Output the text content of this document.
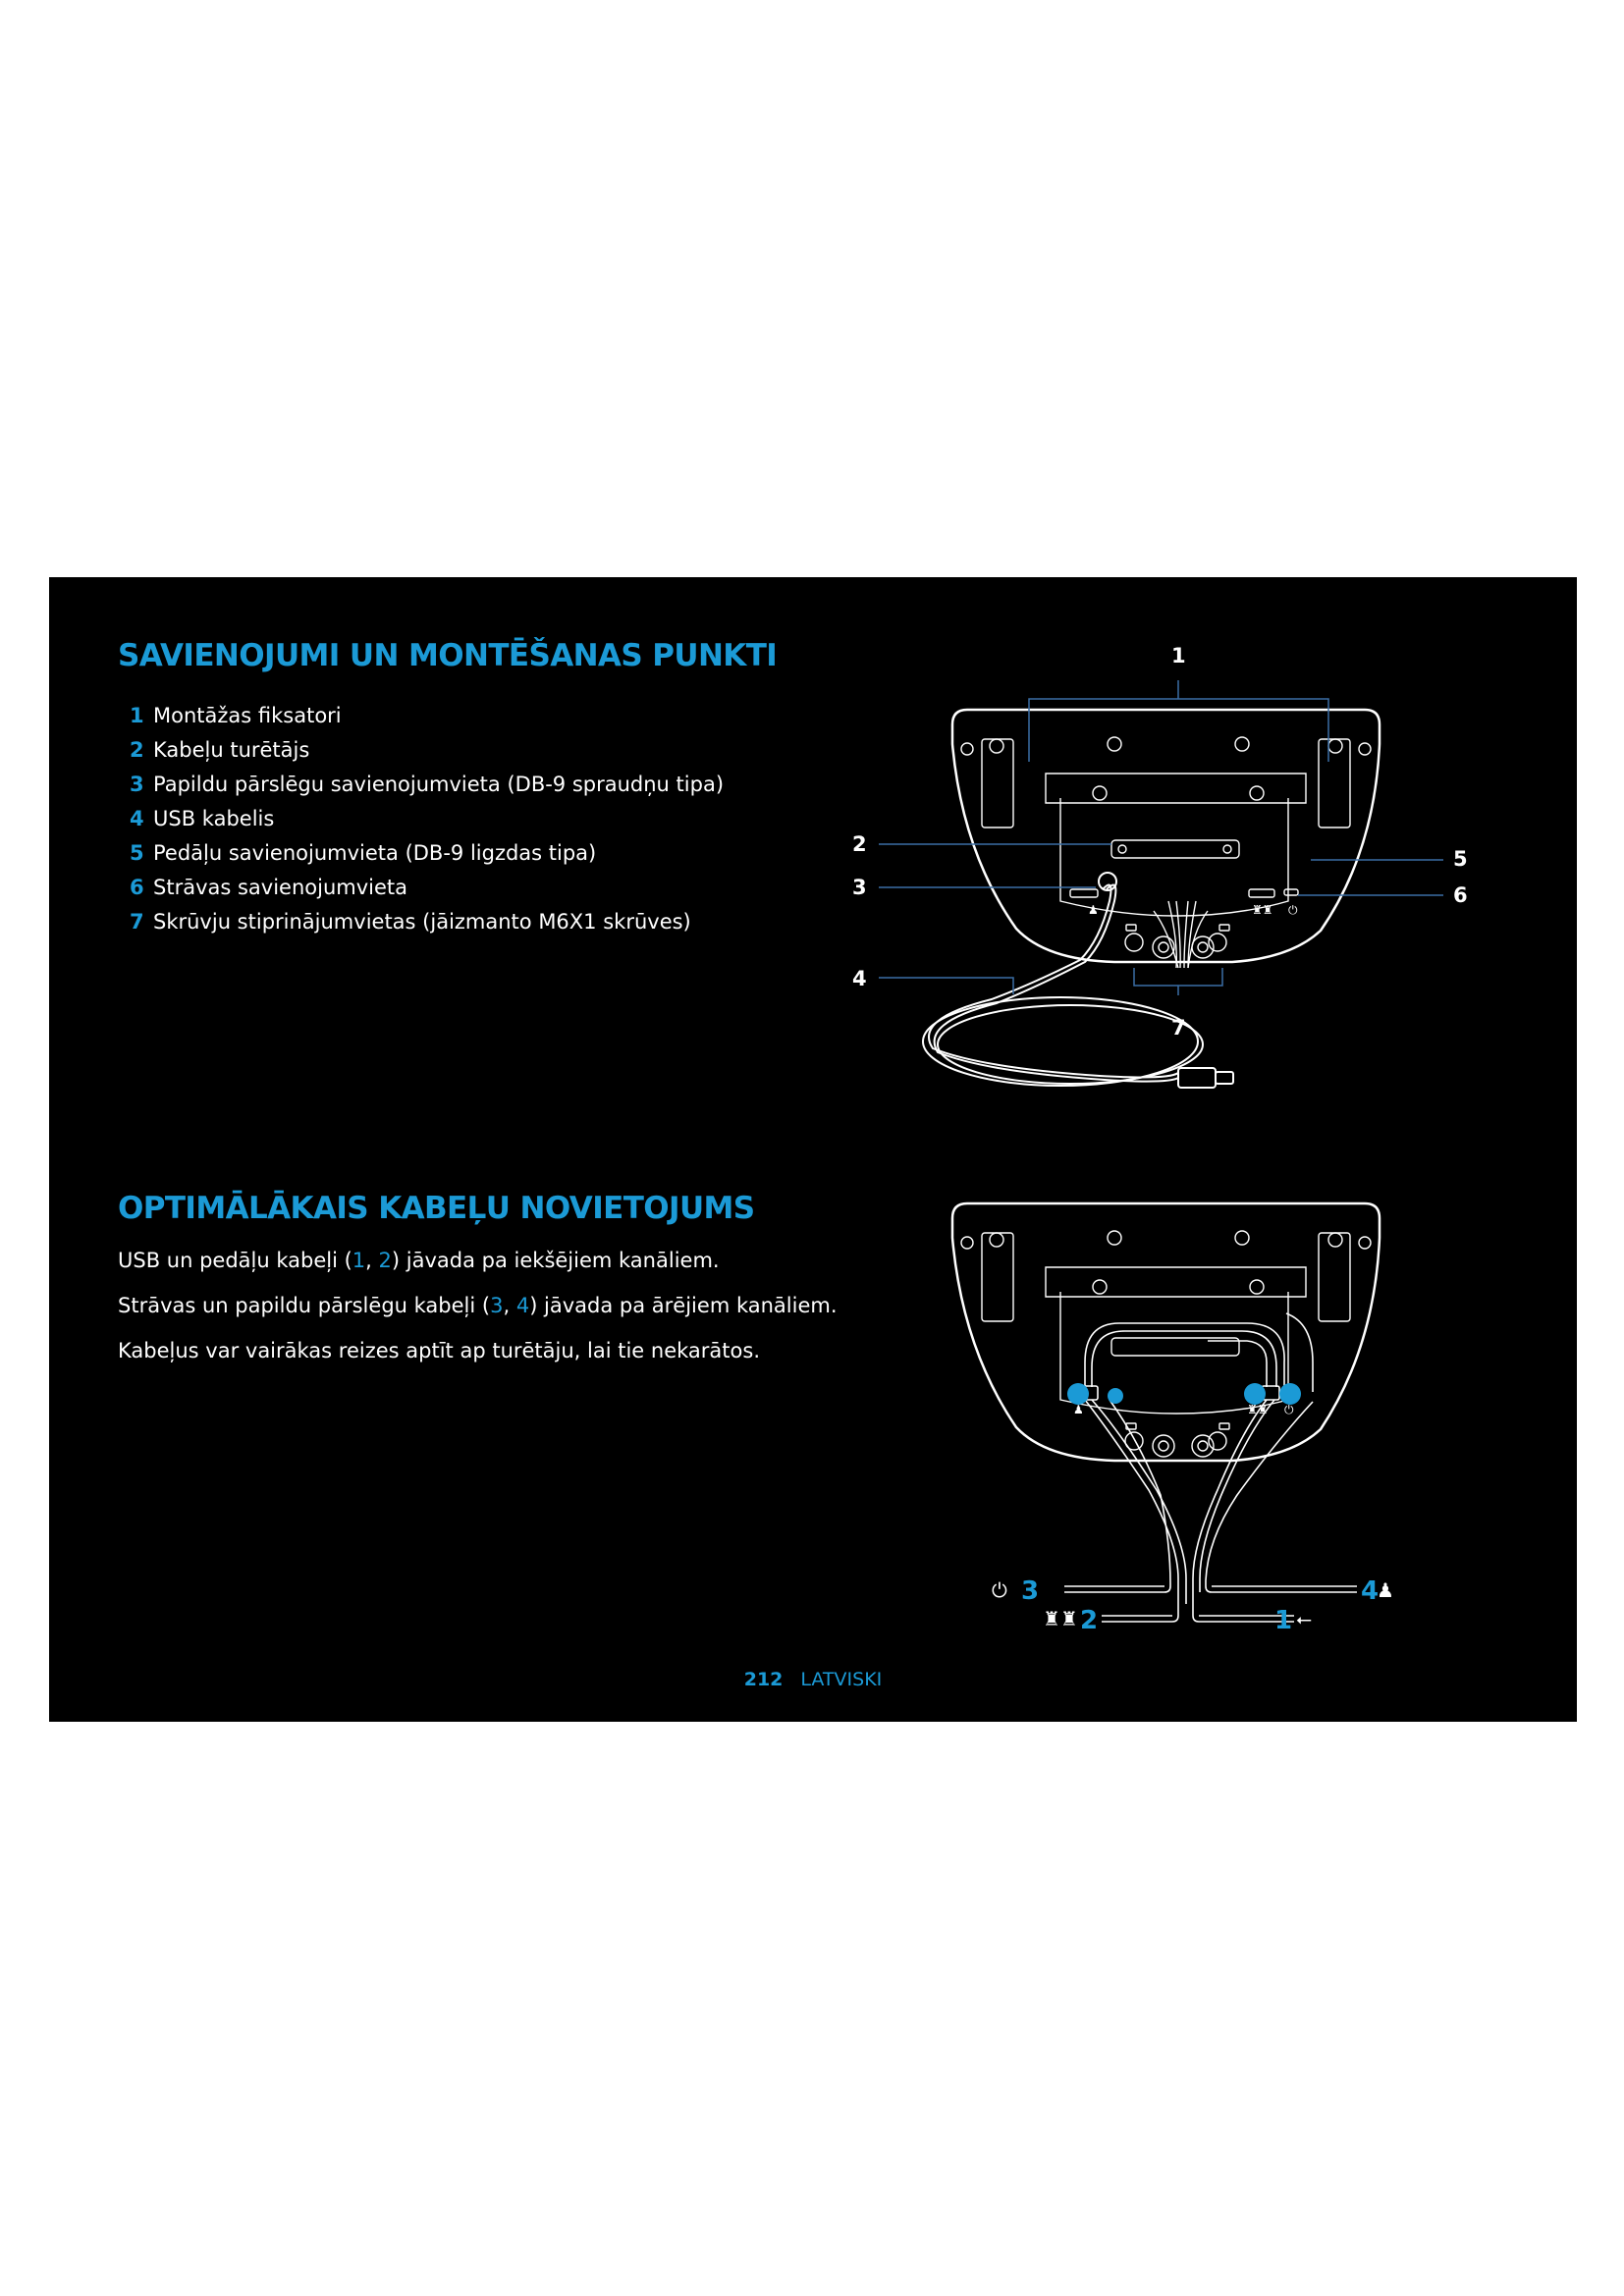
SAVIENOJUMI UN MONTĒŠANAS PUNKTI
1 Montāžas fiksatori
2 Kabeļu turētājs
3 Papildu pārslēgu savienojumvieta (DB-9 spraudņu tipa)
4 USB kabelis
5 Pedāļu savienojumvieta (DB-9 ligzdas tipa)
6 Strāvas savienojumvieta
7 Skrūvju stiprinājumvietas (jāizmanto M6X1 skrūves)	♟	♜♜ ⏻
1
2
3
4
5
6
7
OPTIMĀLĀKAIS KABEĻU NOVIETOJUMS

USB un pedāļu kabeļi (1, 2) jāvada pa iekšējiem kanāliem.

Strāvas un papildu pārslēgu kabeļi (3, 4) jāvada pa ārējiem kanāliem.

Kabeļus var vairākas reizes aptīt ap turētāju, lai tie nekarātos.

♟	♜♜ ⏻
⏻	♟
♜♜	⭠
3
2
4
1
212 LATVISKI
